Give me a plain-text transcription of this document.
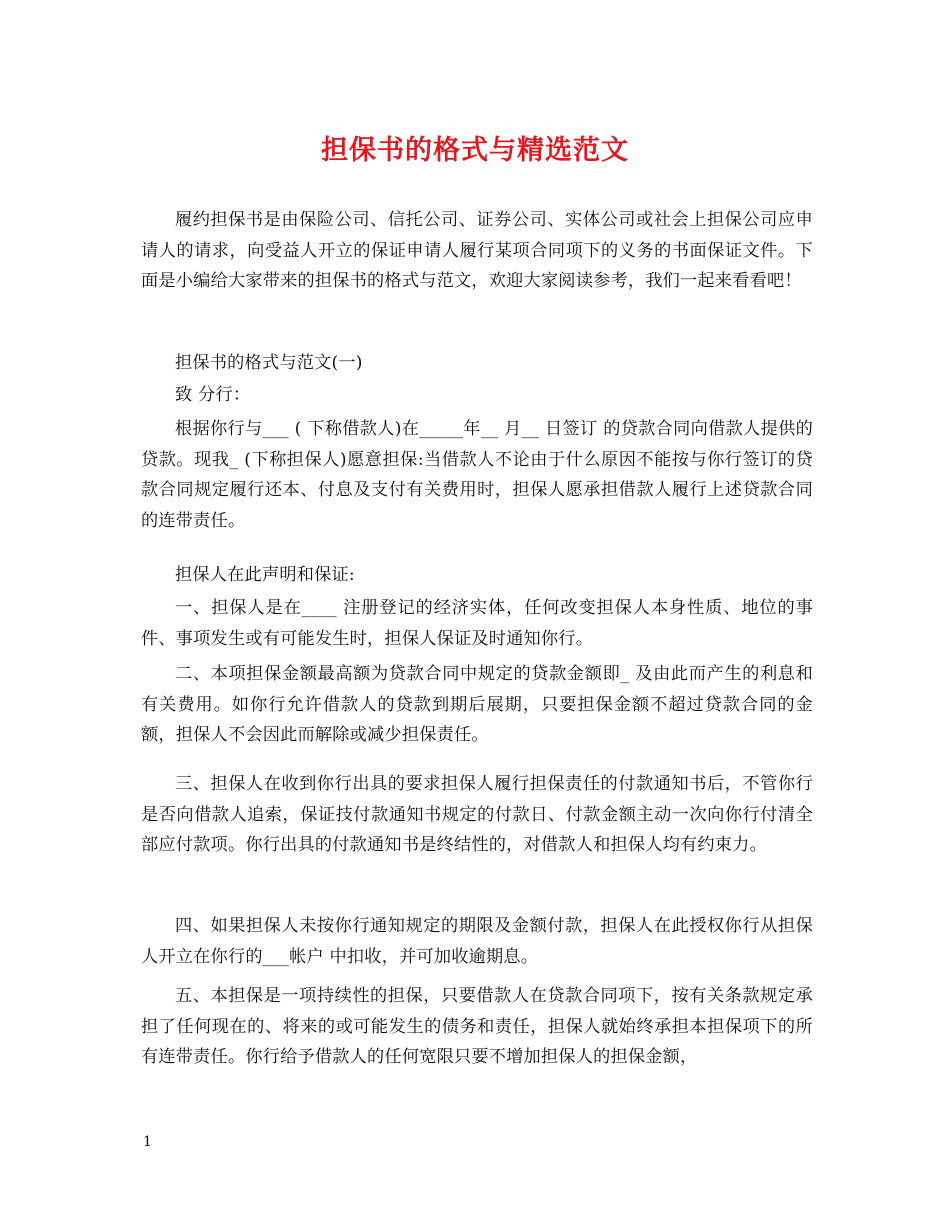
担保书的格式与精选范文

履约担保书是由保险公司、信托公司、证券公司、实体公司或社会上担保公司应申请人的请求，向受益人开立的保证申请人履行某项合同项下的义务的书面保证文件。下面是小编给大家带来的担保书的格式与范文，欢迎大家阅读参考，我们一起来看看吧！

担保书的格式与范文(一)

致 分行：

根据你行与___ ( 下称借款人)在_____年__ 月__ 日签订 的贷款合同向借款人提供的贷款。现我_ (下称担保人)愿意担保:当借款人不论由于什么原因不能按与你行签订的贷款合同规定履行还本、付息及支付有关费用时，担保人愿承担借款人履行上述贷款合同的连带责任。

担保人在此声明和保证:

一、担保人是在____ 注册登记的经济实体，任何改变担保人本身性质、地位的事件、事项发生或有可能发生时，担保人保证及时通知你行。

二、本项担保金额最高额为贷款合同中规定的贷款金额即_ 及由此而产生的利息和有关费用。如你行允许借款人的贷款到期后展期，只要担保金额不超过贷款合同的金额，担保人不会因此而解除或减少担保责任。

三、担保人在收到你行出具的要求担保人履行担保责任的付款通知书后，不管你行是否向借款人追索，保证技付款通知书规定的付款日、付款金额主动一次向你行付清全部应付款项。你行出具的付款通知书是终结性的，对借款人和担保人均有约束力。

四、如果担保人未按你行通知规定的期限及金额付款，担保人在此授权你行从担保人开立在你行的___帐户 中扣收，并可加收逾期息。

五、本担保是一项持续性的担保，只要借款人在贷款合同项下，按有关条款规定承担了任何现在的、将来的或可能发生的债务和责任，担保人就始终承担本担保项下的所有连带责任。你行给予借款人的任何宽限只要不增加担保人的担保金额，

1
